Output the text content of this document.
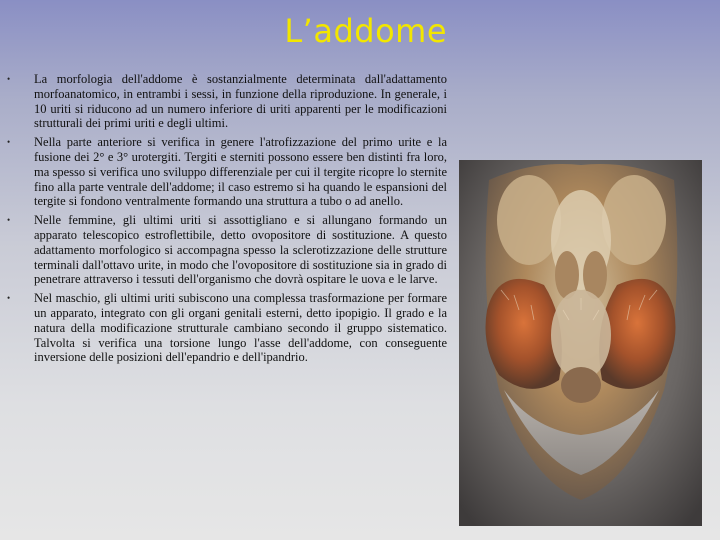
L’addome
• La morfologia dell'addome è sostanzialmente determinata dall'adattamento morfoanatomico, in entrambi i sessi, in funzione della riproduzione. In generale, i 10 uriti si riducono ad un numero inferiore di uriti apparenti per le modificazioni strutturali dei primi uriti e degli ultimi.
• Nella parte anteriore si verifica in genere l'atrofizzazione del primo urite e la fusione dei 2° e 3° urotergiti. Tergiti e sterniti possono essere ben distinti fra loro, ma spesso si verifica uno sviluppo differenziale per cui il tergite ricopre lo sternite fino alla parte ventrale dell'addome; il caso estremo si ha quando le espansioni del tergite si fondono ventralmente formando una struttura a tubo o ad anello.
• Nelle femmine, gli ultimi uriti si assottigliano e si allungano formando un apparato telescopico estroflettibile, detto ovopositore di sostituzione. A questo adattamento morfologico si accompagna spesso la sclerotizzazione delle strutture terminali dall'ottavo urite, in modo che l'ovopositore di sostituzione sia in grado di penetrare attraverso i tessuti dell'organismo che dovrà ospitare le uova e le larve.
• Nel maschio, gli ultimi uriti subiscono una complessa trasformazione per formare un apparato, integrato con gli organi genitali esterni, detto ipopigio. Il grado e la natura della modificazione strutturale cambiano secondo il gruppo sistematico. Talvolta si verifica una torsione lungo l'asse dell'addome, con conseguente inversione delle posizioni dell'epandrio e dell'ipandrio.
